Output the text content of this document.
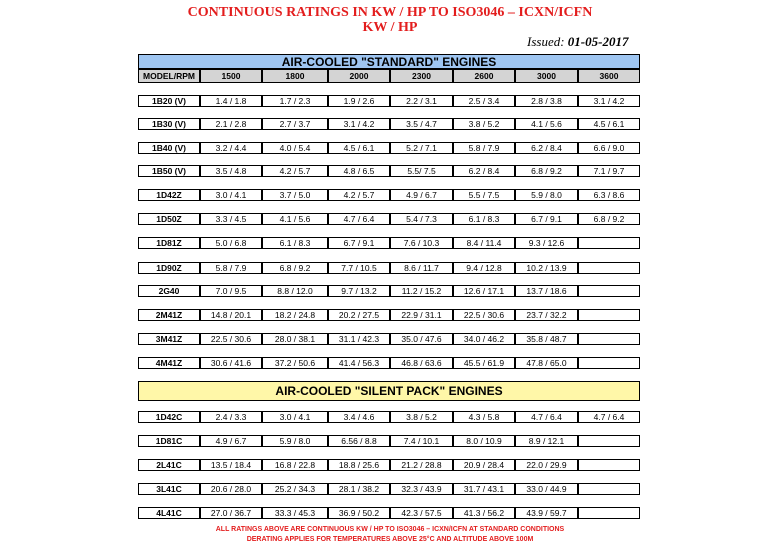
CONTINUOUS RATINGS IN KW / HP TO ISO3046 – ICXN/ICFN
KW / HP
Issued: 01-05-2017
AIR-COOLED "STANDARD" ENGINES
MODEL/RPM	1500	1800	2000	2300	2600	3000	3600
1B20 (V)	1.4 / 1.8	1.7 / 2.3	1.9 / 2.6	2.2 / 3.1	2.5 / 3.4	2.8 / 3.8	3.1 / 4.2
1B30 (V)	2.1 / 2.8	2.7 / 3.7	3.1 / 4.2	3.5 / 4.7	3.8 / 5.2	4.1 / 5.6	4.5 / 6.1
1B40 (V)	3.2 / 4.4	4.0 / 5.4	4.5 / 6.1	5.2 / 7.1	5.8 / 7.9	6.2 / 8.4	6.6 / 9.0
1B50 (V)	3.5 / 4.8	4.2 / 5.7	4.8 / 6.5	5.5/ 7.5	6.2 / 8.4	6.8 / 9.2	7.1 / 9.7
1D42Z	3.0 / 4.1	3.7 / 5.0	4.2 / 5.7	4.9 / 6.7	5.5 / 7.5	5.9 / 8.0	6.3 / 8.6
1D50Z	3.3 / 4.5	4.1 / 5.6	4.7 / 6.4	5.4 / 7.3	6.1 / 8.3	6.7 / 9.1	6.8 / 9.2
1D81Z	5.0 / 6.8	6.1 / 8.3	6.7 / 9.1	7.6 / 10.3	8.4 / 11.4	9.3 / 12.6
1D90Z	5.8 / 7.9	6.8 / 9.2	7.7 / 10.5	8.6 / 11.7	9.4 / 12.8	10.2 / 13.9
2G40	7.0 / 9.5	8.8 / 12.0	9.7 / 13.2	11.2 / 15.2	12.6 / 17.1	13.7 / 18.6
2M41Z	14.8 / 20.1	18.2 / 24.8	20.2 / 27.5	22.9 / 31.1	22.5 / 30.6	23.7 / 32.2
3M41Z	22.5 / 30.6	28.0 / 38.1	31.1 / 42.3	35.0 / 47.6	34.0 / 46.2	35.8 / 48.7
4M41Z	30.6 / 41.6	37.2 / 50.6	41.4 / 56.3	46.8 / 63.6	45.5 / 61.9	47.8 / 65.0
AIR-COOLED "SILENT PACK" ENGINES
1D42C	2.4 / 3.3	3.0 / 4.1	3.4 / 4.6	3.8 / 5.2	4.3 / 5.8	4.7 / 6.4	4.7 / 6.4
1D81C	4.9 / 6.7	5.9 / 8.0	6.56 / 8.8	7.4 / 10.1	8.0 / 10.9	8.9 / 12.1
2L41C	13.5 / 18.4	16.8 / 22.8	18.8 / 25.6	21.2 / 28.8	20.9 / 28.4	22.0 / 29.9
3L41C	20.6 / 28.0	25.2 / 34.3	28.1 / 38.2	32.3 / 43.9	31.7 / 43.1	33.0 / 44.9
4L41C	27.0 / 36.7	33.3 / 45.3	36.9 / 50.2	42.3 / 57.5	41.3 / 56.2	43.9 / 59.7
ALL RATINGS ABOVE ARE CONTINUOUS KW / HP TO ISO3046 – ICXN/ICFN AT STANDARD CONDITIONS
DERATING APPLIES FOR TEMPERATURES ABOVE 25°C AND ALTITUDE ABOVE 100M
